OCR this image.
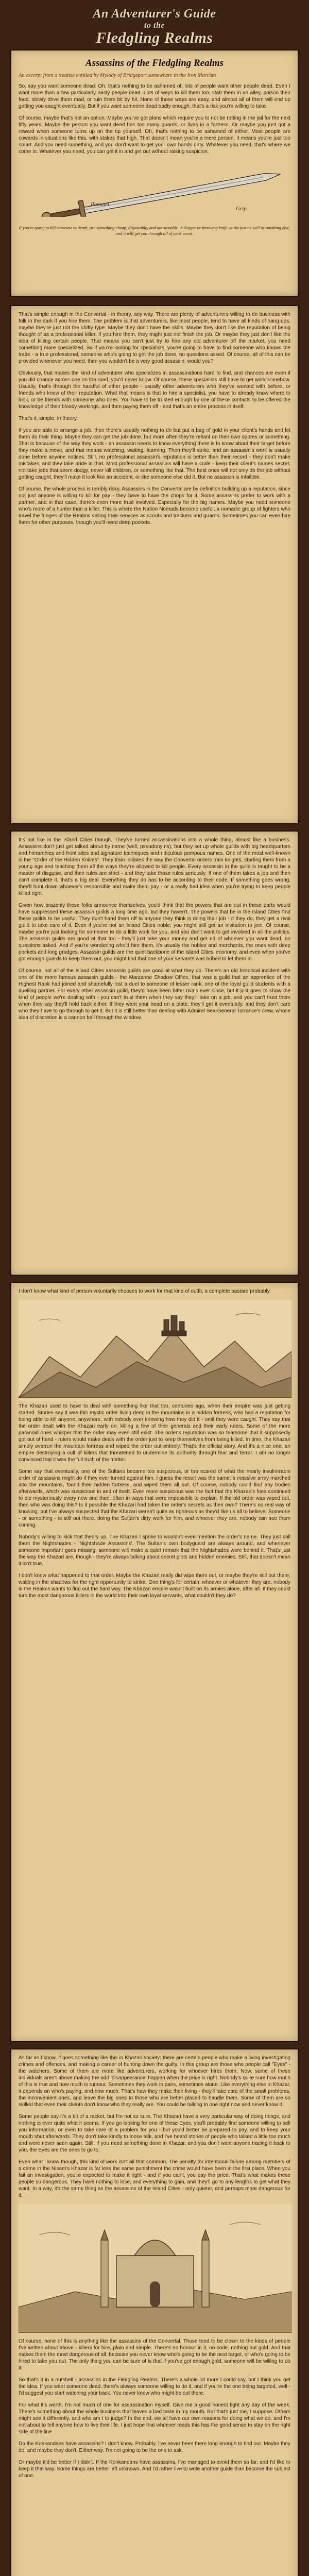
An Adventurer's Guide
to the
Fledgling Realms
Assassins of the Fledgling Realms

An excerpt from a treatise entitled by Mylody of Bridgeport somewhere in the Iron Marches

So, say you want someone dead. Oh, that's nothing to be ashamed of, lots of people want other people dead. Even I want more than a few particularly nasty people dead. Lots of ways to kill them too: stab them in an alley, poison their food, slowly drive them mad, or ruin them bit by bit. None of those ways are easy, and almost all of them will end up getting you caught eventually. But if you want someone dead badly enough, that's a risk you're willing to take.

Of course, maybe that's not an option. Maybe you've got plans which require you to not be rotting in the jail for the next fifty years. Maybe the person you want dead has too many guards, or lives in a fortress. Or maybe you just got a reward when someone turns up on the tip yourself. Oh, that's nothing to be ashamed of either. Most people are cowards in situations like this, with stakes that high. That doesn't mean you're a mere person, it means you're just too smart. And you need something, and you don't want to get your own hands dirty. Whatever you need, that's where we come in. Whatever you need, you can get it in and get out without raising suspicion.

Pommel
Grip

If you're going to kill someone to death, use something cheap, disposable, and untraceable. A dagger or throwing knife works just as well as anything else, and it will get you through all of your worst.

That's simple enough in the Convertal - in theory, any way. There are plenty of adventurers willing to do business with folk in the dark if you hire them. The problem is that adventurers, like most people, tend to have all kinds of hang-ups, maybe they're just not the shifty type. Maybe they don't have the skills. Maybe they don't like the reputation of being thought of as a professional killer. If you hire them, they might just not finish the job. Or maybe they just don't like the idea of killing certain people. That means you can't just try to hire any old adventurer off the market, you need something more specialized. So if you're looking for specialists, you're going to have to find someone who knows the trade - a true professional, someone who's going to get the job done, no questions asked. Of course, all of this can be provided whenever you need, then you wouldn't be a very good assassin, would you?

Obviously, that makes the kind of adventurer who specializes in assassinations hard to find, and chances are even if you did chance across one on the road, you'd never know. Of course, these specialists still have to get work somehow. Usually, that's through the handful of other people - usually other adventurers who they've worked with before, or friends who knew of their reputation. What that means is that to hire a specialist, you have to already know where to look, or be friends with someone who does. You have to be trusted enough by one of these contacts to be offered the knowledge of their bloody workings, and then paying them off - and that's an entire process in itself.

That's it, simple, in theory.

If you are able to arrange a job, then there's usually nothing to do but put a bag of gold in your client's hands and let them do their thing. Maybe they can get the job done, but more often they're reliant on their own spores or something. That is because of the way they work - an assassin needs to know everything there is to know about their target before they make a move, and that means watching, waiting, learning. Then they'll strike, and an assassin's work is usually done before anyone notices. Still, no professional assassin's reputation is better than their record - they don't make mistakes, and they take pride in that. Most professional assassins will have a code - keep their client's names secret, not take jobs that seem dodgy, never kill children, or something like that. The best ones will not only do the job without getting caught, they'll make it look like an accident, or like someone else did it. But no assassin is infallible.

Of course, the whole process is terribly risky. Assassins in the Convertal are by definition building up a reputation, since not just anyone is willing to kill for pay - they have to have the chops for it. Some assassins prefer to work with a partner, and in that case, there's even more trust involved. Especially for the big names. Maybe you need someone who's more of a hunter than a killer. This is where the Nation Nomads become useful, a nomadic group of fighters who travel the fringes of the Realms selling their services as scouts and trackers and guards. Sometimes you can even hire them for other purposes, though you'll need deep pockets.

It's not like in the Island Cities though. They've turned assassinations into a whole thing, almost like a business. Assassins don't just get talked about by name (well, pseudonyms), but they set up whole guilds with big headquarters and hierarchies and front sites and signature techniques and ridiculous pompous names. One of the most well-known is the "Order of the Hidden Knives". They train initiates the way the Convertal orders train knights, starting them from a young age and teaching them all the ways they're allowed to kill people. Every assassin in the guild is taught to be a master of disguise, and their rules are strict - and they take those rules seriously. If one of them takes a job and then can't complete it, that's a big deal. Everything they do has to be according to their code. If something goes wrong, they'll hunt down whoever's responsible and make them pay - or a really bad idea when you're trying to keep people killed right.

Given how brazenly these folks announce themselves, you'd think that the powers that are out in these parts would have suppressed these assassin guilds a long time ago, but they haven't. The powers that be in the Island Cities find these guilds to be useful. They don't hand them off to anyone they think is doing their job - if they do, they get a rival guild to take care of it. Even if you're not an Island Cities noble, you might still get an invitation to join. Of course, maybe you're just looking for someone to do a little work for you, and you don't want to get involved in all the politics. The assassin guilds are good at that too - they'll just take your money and get rid of whoever you want dead, no questions asked. And if you're wondering who'd hire them, it's usually the nobles and merchants, the ones with deep pockets and long grudges. Assassin guilds are the quiet backbone of the Island Cities' economy, and even when you've got enough guards to keep them out, you might find that one of your servants was bribed to let them in.

Of course, not all of the Island Cities assassin guilds are good at what they do. There's an old historical incident with one of the more famous assassin guilds - the Marzanne Shadow Office, that was a guild that an apprentice of the Highest Rank had joined and shamefully lost a duel to someone of lesser rank, one of the loyal guild students with a duelling partner. For every other assassin guild, they'd have been bitter rivals ever since, but it just goes to show the kind of people we're dealing with - you can't trust them when they say they'll take on a job, and you can't trust them when they say they'll hold back either. If they want your head on a plate, they'll get it eventually, and they don't care who they have to go through to get it. But it is still better than dealing with Admiral Sea-General Torrance's crew, whose idea of discretion is a cannon ball through the window.

I don't know what kind of person voluntarily chooses to work for that kind of outfit, a complete bastard probably.

The Khazari used to have to deal with something like that too, centuries ago, when their empire was just getting started. Stories say it was this mystic order living deep in the mountains in a hidden fortress, who had a reputation for being able to kill anyone, anywhere, with nobody ever knowing how they did it - until they were caught. They say that the order dealt with the Khazari early on, killing a few of their generals and their early rulers. Some of the more paranoid ones whisper that the order may even still exist. The order's reputation was so fearsome that it supposedly got out of hand - rulers would make deals with the order just to keep themselves from being killed. In time, the Khazari simply overrun the mountain fortress and wiped the order out entirely. That's the official story. And it's a nice one, an empire destroying a cult of killers that threatened to undermine its authority through fear and terror. I am no longer convinced that it was the full truth of the matter.

Some say that eventually, one of the Sultans became too suspicious, or too scared of what the nearly invulnerable order of assassins might do if they ever turned against him. I guess the result was the same: a massive army marched into the mountains, found their hidden fortress, and wiped them all out. Of course, nobody could find any bodies afterwards, which was suspicious in and of itself. Even more suspicious was the fact that the Khazari's foes continued to die mysteriously every now and then, often in ways that were impossible to explain. If the old order was wiped out, then who was doing this? Is it possible the Khazari had taken the order's secrets as their own? There's no real way of knowing, but I've always suspected that the Khazari weren't quite as righteous as they'd like us all to believe. Someone - or something - is still out there, doing the Sultan's dirty work for him, and whoever they are, nobody can see them coming.

Nobody's willing to kick that theory up. The Khazari I spoke to wouldn't even mention the order's name. They just call them the Nightshades - 'Nightshade Assassins'. The Sultan's own bodyguard are always around, and whenever someone important goes missing, someone will make a quiet remark that the Nightshades were behind it. That's just the way the Khazari are, though - they're always talking about secret plots and hidden enemies. Still, that doesn't mean it isn't true.

I don't know what happened to that order. Maybe the Khazari really did wipe them out, or maybe they're still out there, waiting in the shadows for the right opportunity to strike. One thing's for certain: whoever or whatever they are, nobody in the Realms wants to find out the hard way. The Khazari empire wasn't built on its armies alone, after all. If they could turn the most dangerous killers in the world into their own loyal servants, what couldn't they do?

As far as I know, if goes something like this in Khazari society: there are certain people who make a living investigating crimes and offences, and making a career of hunting down the guilty. In this group are those who people call "Eyes" - the watchers. Some of them are more like adventurers, working for whoever hires them. Now, some of these individuals aren't above making the odd 'disappearance' happen when the price is right. Nobody's quite sure how much of this is true and how much is rumour. Sometimes they work in pairs, sometimes alone. Like everything else in Khazar, it depends on who's paying, and how much. That's how they make their living - they'll take care of the small problems, the inconvenient ones, and leave the big ones to those who are better placed to handle them. Some of them are so skilled that even their clients don't know who they really are. You could be talking to one right now and never know it.

Some people say it's a bit of a racket, but I'm not so sure. The Khazari have a very particular way of doing things, and nothing is ever quite what it seems. If you go looking for one of these Eyes, you'll probably find someone willing to sell you information, or even to take care of a problem for you - but you'd better be prepared to pay, and to keep your mouth shut afterwards. They don't take kindly to loose talk, and I've heard stories of people who talked a little too much and were never seen again. Still, if you need something done in Khazar, and you don't want anyone tracing it back to you, the Eyes are the ones to go to.

Even what I know though, this kind of work isn't all that common. The penalty for intentional failure among members of a crime in the Nisam's Khazar is far less the same punishment the crime would have been in the first place. When you fail an investigation, you're expected to make it right - and if you can't, you pay the price. That's what makes these people so dangerous. They have nothing to lose, and everything to gain, and they'll go to any lengths to get what they want. In a way, it's the same thing as the assassins of the Island Cities - only quieter, and perhaps more dangerous for it.

Of course, none of this is anything like the assassins of the Convertal. Those tend to be closer to the kinds of people I've written about above - killers for hire, plain and simple. There's no honour in it, no code, nothing but gold. And that makes them the most dangerous of all, because you never know who's going to be the next target, or who's going to be hired to take you out. The only thing you can be sure of is that if you've got enough gold, someone will be willing to do it.

So that's it in a nutshell - assassins in the Fledgling Realms. There's a whole lot more I could say, but I think you get the idea. If you want someone dead, there's always someone willing to do it, and if you're the one being targeted, well - I'd suggest you start watching your back. You never know who might be out there.

For what it's worth, I'm not much of one for assassination myself. Give me a good honest fight any day of the week. There's something about the whole business that leaves a bad taste in my mouth. But that's just me, I suppose. Others might see it differently, and who am I to judge? In the end, we all have our own reasons for doing what we do, and I'm not about to tell anyone how to live their life. I just hope that whoever reads this has the good sense to stay on the right side of the line.

Do the Konkandans have assassins? I don't know. Probably. I've never been there long enough to find out. Maybe they do, and maybe they don't. Either way, I'm not going to be the one to ask.

Or maybe it'd be better if I didn't. If the Konkandans have assassins, I've managed to avoid them so far, and I'd like to keep it that way. Some things are better left unknown. And I'd rather live to write another guide than become the subject of one.
